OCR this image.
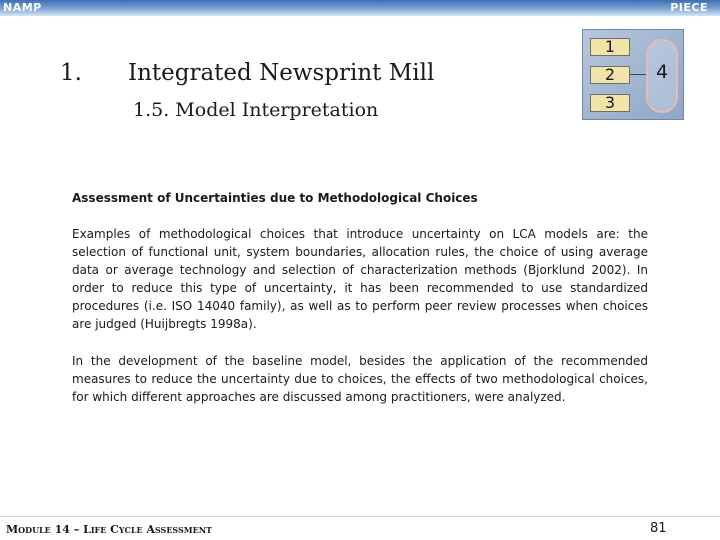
NAMP	PIECE
1. Integrated Newsprint Mill
1.5. Model Interpretation
1
2
3
4
Assessment of Uncertainties due to Methodological Choices
Examples of methodological choices that introduce uncertainty on LCA models are: the selection of functional unit, system boundaries, allocation rules, the choice of using average data or average technology and selection of characterization methods (Bjorklund 2002). In order to reduce this type of uncertainty, it has been recommended to use standardized procedures (i.e. ISO 14040 family), as well as to perform peer review processes when choices are judged (Huijbregts 1998a).
In the development of the baseline model, besides the application of the recommended measures to reduce the uncertainty due to choices, the effects of two methodological choices, for which different approaches are discussed among practitioners, were analyzed.
Module 14 – Life Cycle Assessment	81
